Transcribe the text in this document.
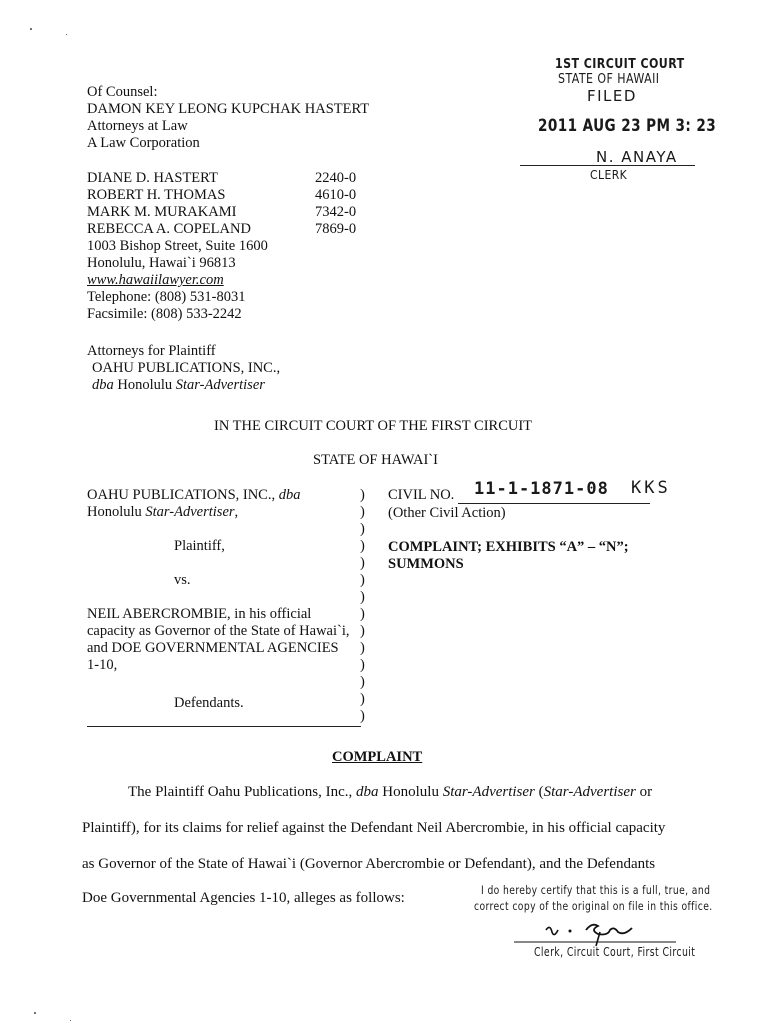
Of Counsel:
DAMON KEY LEONG KUPCHAK HASTERT
Attorneys at Law
A Law Corporation
DIANE D. HASTERT	2240-0
ROBERT H. THOMAS	4610-0
MARK M. MURAKAMI	7342-0
REBECCA A. COPELAND	7869-0
1003 Bishop Street, Suite 1600
Honolulu, Hawai`i 96813
www.hawaiilawyer.com
Telephone: (808) 531-8031
Facsimile: (808) 533-2242
Attorneys for Plaintiff
OAHU PUBLICATIONS, INC.,
dba Honolulu Star-Advertiser
1ST CIRCUIT COURT
STATE OF HAWAII
FILED
2011 AUG 23 PM 3: 23
N. ANAYA
CLERK
IN THE CIRCUIT COURT OF THE FIRST CIRCUIT
STATE OF HAWAI`I
OAHU PUBLICATIONS, INC., dba
Honolulu Star-Advertiser,
Plaintiff,
vs.
NEIL ABERCROMBIE, in his official
capacity as Governor of the State of Hawai`i,
and DOE GOVERNMENTAL AGENCIES
1-10,
Defendants.
)
)
)
)
)
)
)
)
)
)
)
)
)
)
CIVIL NO. 11-1-1871-08 KKS
(Other Civil Action)
COMPLAINT; EXHIBITS “A” – “N”;
SUMMONS
COMPLAINT
The Plaintiff Oahu Publications, Inc., dba Honolulu Star-Advertiser (Star-Advertiser or
Plaintiff), for its claims for relief against the Defendant Neil Abercrombie, in his official capacity
as Governor of the State of Hawai`i (Governor Abercrombie or Defendant), and the Defendants
Doe Governmental Agencies 1-10, alleges as follows:	I do hereby certify that this is a full, true, and
correct copy of the original on file in this office.
Clerk, Circuit Court, First Circuit
